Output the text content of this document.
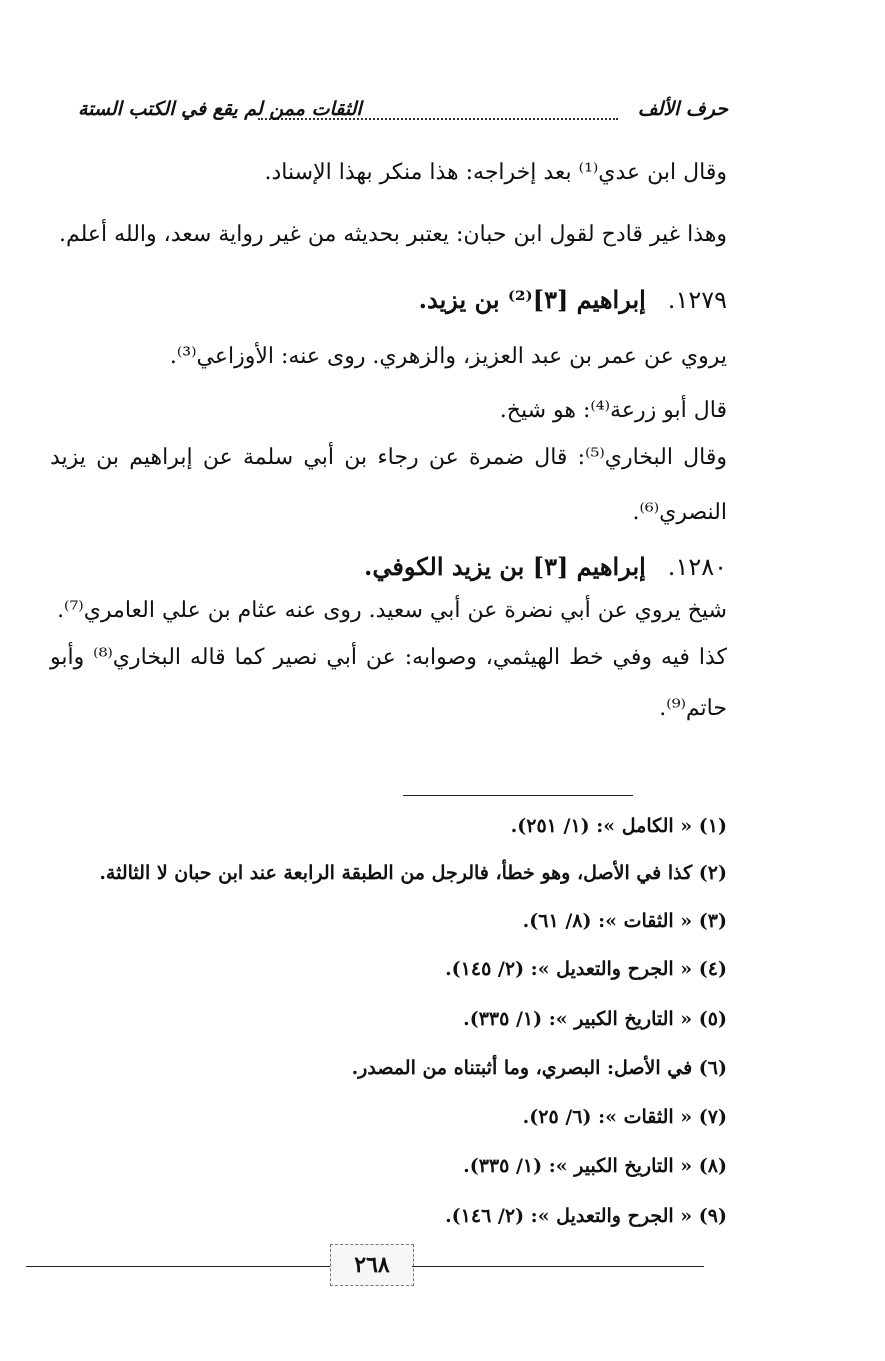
حرف الألف
الثقات ممن لم يقع في الكتب الستة
وقال ابن عدي⁽¹⁾ بعد إخراجه: هذا منكر بهذا الإسناد.
وهذا غير قادح لقول ابن حبان: يعتبر بحديثه من غير رواية سعد، والله أعلم.
١٢٧٩.إبراهيم [٣]⁽²⁾ بن يزيد.
يروي عن عمر بن عبد العزيز، والزهري. روى عنه: الأوزاعي⁽³⁾.
قال أبو زرعة⁽⁴⁾: هو شيخ.
وقال البخاري⁽⁵⁾: قال ضمرة عن رجاء بن أبي سلمة عن إبراهيم بن يزيد
النصري⁽⁶⁾.
١٢٨٠.إبراهيم [٣] بن يزيد الكوفي.
شيخ يروي عن أبي نضرة عن أبي سعيد. روى عنه عثام بن علي العامري⁽⁷⁾.
كذا فيه وفي خط الهيثمي، وصوابه: عن أبي نصير كما قاله البخاري⁽⁸⁾ وأبو
حاتم⁽⁹⁾.
(١) « الكامل »: (١/ ٢٥١).
(٢) كذا في الأصل، وهو خطأ، فالرجل من الطبقة الرابعة عند ابن حبان لا الثالثة.
(٣) « الثقات »: (٨/ ٦١).
(٤) « الجرح والتعديل »: (٢/ ١٤٥).
(٥) « التاريخ الكبير »: (١/ ٣٣٥).
(٦) في الأصل: البصري، وما أثبتناه من المصدر.
(٧) « الثقات »: (٦/ ٢٥).
(٨) « التاريخ الكبير »: (١/ ٣٣٥).
(٩) « الجرح والتعديل »: (٢/ ١٤٦).
٢٦٨
